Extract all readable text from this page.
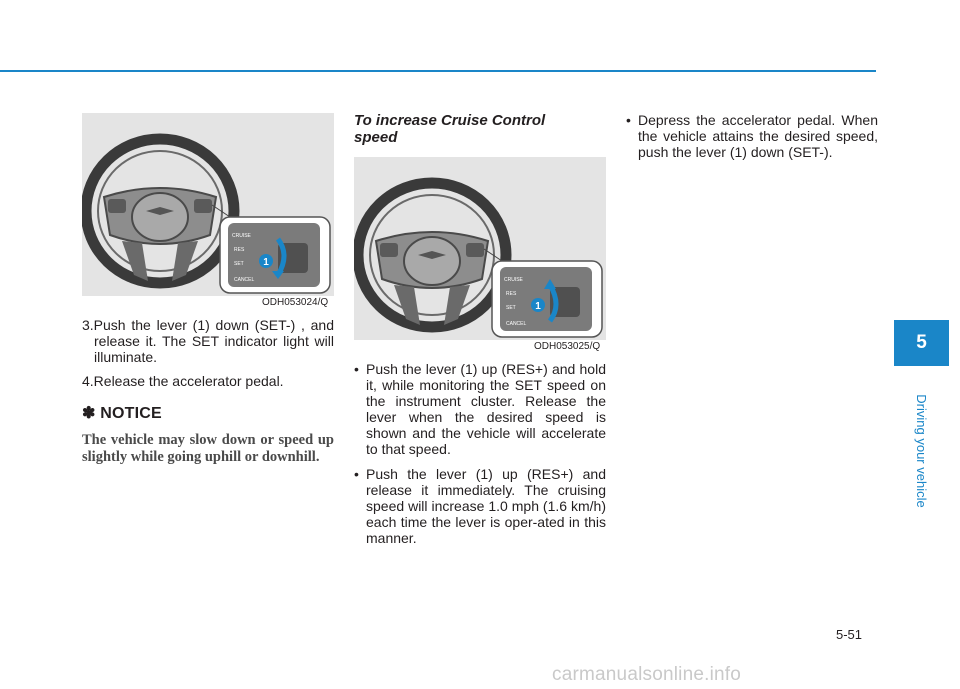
CRUISE
RES
SET
CANCEL
1
ODH053024/Q
3.Push the lever (1) down (SET-) , and release it. The SET indicator light will illuminate.
4.Release the accelerator pedal.
✽ NOTICE
The vehicle may slow down or speed up slightly while going uphill or downhill.
To increase Cruise Control speed
CRUISE
RES
SET
CANCEL
1
ODH053025/Q
• Push the lever (1) up (RES+) and hold it, while monitoring the SET speed on the instrument cluster. Release the lever when the desired speed is shown and the vehicle will accelerate to that speed.
• Push the lever (1) up (RES+) and release it immediately. The cruising speed will increase 1.0 mph (1.6 km/h) each time the lever is oper-ated in this manner.
• Depress the accelerator pedal. When the vehicle attains the desired speed, push the lever (1) down (SET-).
5
Driving your vehicle
5-51
carmanualsonline.info
